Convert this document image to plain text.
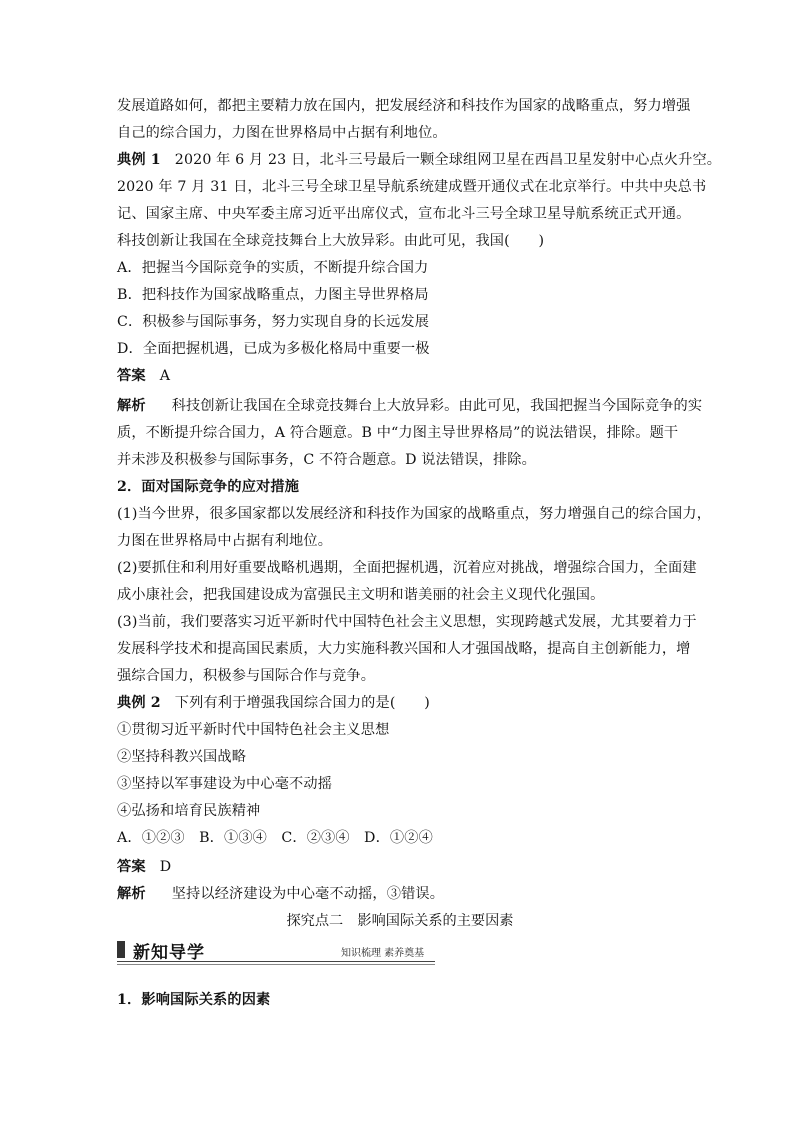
发展道路如何，都把主要精力放在国内，把发展经济和科技作为国家的战略重点，努力增强
自己的综合国力，力图在世界格局中占据有利地位。
典例 1 2020 年 6 月 23 日，北斗三号最后一颗全球组网卫星在西昌卫星发射中心点火升空。
2020 年 7 月 31 日，北斗三号全球卫星导航系统建成暨开通仪式在北京举行。中共中央总书
记、国家主席、中央军委主席习近平出席仪式，宣布北斗三号全球卫星导航系统正式开通。
科技创新让我国在全球竞技舞台上大放异彩。由此可见，我国(　　)
A．把握当今国际竞争的实质，不断提升综合国力
B．把科技作为国家战略重点，力图主导世界格局
C．积极参与国际事务，努力实现自身的长远发展
D．全面把握机遇，已成为多极化格局中重要一极
答案 A
解析 科技创新让我国在全球竞技舞台上大放异彩。由此可见，我国把握当今国际竞争的实
质，不断提升综合国力，A 符合题意。B 中“力图主导世界格局”的说法错误，排除。题干
并未涉及积极参与国际事务，C 不符合题意。D 说法错误，排除。
2．面对国际竞争的应对措施
(1)当今世界，很多国家都以发展经济和科技作为国家的战略重点，努力增强自己的综合国力，
力图在世界格局中占据有利地位。
(2)要抓住和利用好重要战略机遇期，全面把握机遇，沉着应对挑战，增强综合国力，全面建
成小康社会，把我国建设成为富强民主文明和谐美丽的社会主义现代化强国。
(3)当前，我们要落实习近平新时代中国特色社会主义思想，实现跨越式发展，尤其要着力于
发展科学技术和提高国民素质，大力实施科教兴国和人才强国战略，提高自主创新能力，增
强综合国力，积极参与国际合作与竞争。
典例 2 下列有利于增强我国综合国力的是(　　)
①贯彻习近平新时代中国特色社会主义思想
②坚持科教兴国战略
③坚持以军事建设为中心毫不动摇
④弘扬和培育民族精神
A．①②③　B．①③④　C．②③④　D．①②④
答案 D
解析 坚持以经济建设为中心毫不动摇，③错误。
探究点二　影响国际关系的主要因素
新知导学	知识梳理 素养奠基
1．影响国际关系的因素
